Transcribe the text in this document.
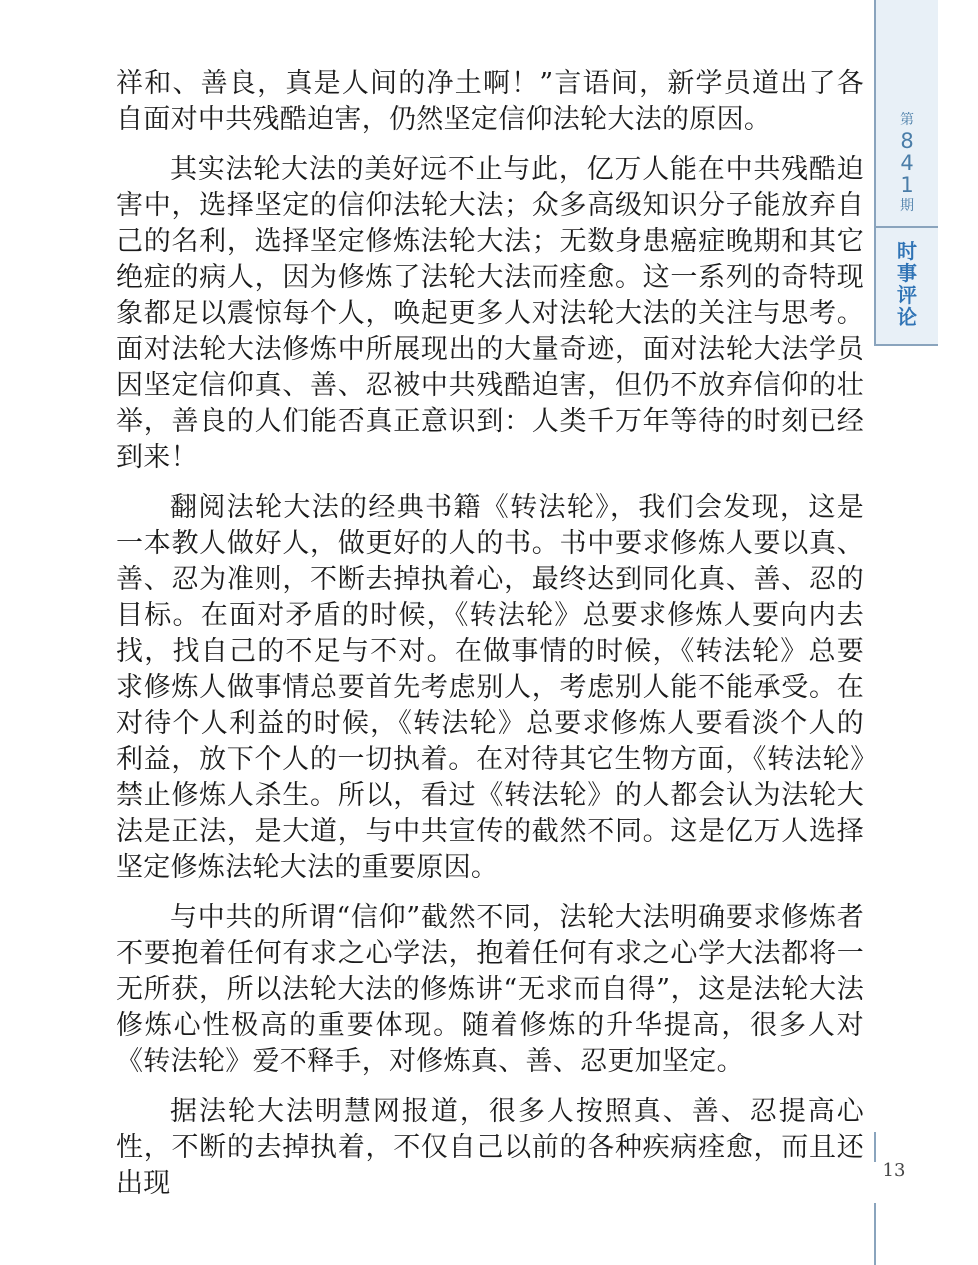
祥和、善良，真是人间的净土啊！”言语间，新学员道出了各自面对中共残酷迫害，仍然坚定信仰法轮大法的原因。

其实法轮大法的美好远不止与此，亿万人能在中共残酷迫害中，选择坚定的信仰法轮大法；众多高级知识分子能放弃自己的名利，选择坚定修炼法轮大法；无数身患癌症晚期和其它绝症的病人，因为修炼了法轮大法而痊愈。这一系列的奇特现象都足以震惊每个人，唤起更多人对法轮大法的关注与思考。面对法轮大法修炼中所展现出的大量奇迹，面对法轮大法学员因坚定信仰真、善、忍被中共残酷迫害，但仍不放弃信仰的壮举，善良的人们能否真正意识到：人类千万年等待的时刻已经到来！

翻阅法轮大法的经典书籍《转法轮》，我们会发现，这是一本教人做好人，做更好的人的书。书中要求修炼人要以真、善、忍为准则，不断去掉执着心，最终达到同化真、善、忍的目标。在面对矛盾的时候，《转法轮》总要求修炼人要向内去找，找自己的不足与不对。在做事情的时候，《转法轮》总要求修炼人做事情总要首先考虑别人，考虑别人能不能承受。在对待个人利益的时候，《转法轮》总要求修炼人要看淡个人的利益，放下个人的一切执着。在对待其它生物方面，《转法轮》禁止修炼人杀生。所以，看过《转法轮》的人都会认为法轮大法是正法，是大道，与中共宣传的截然不同。这是亿万人选择坚定修炼法轮大法的重要原因。

与中共的所谓“信仰”截然不同，法轮大法明确要求修炼者不要抱着任何有求之心学法，抱着任何有求之心学大法都将一无所获，所以法轮大法的修炼讲“无求而自得”，这是法轮大法修炼心性极高的重要体现。随着修炼的升华提高，很多人对《转法轮》爱不释手，对修炼真、善、忍更加坚定。

据法轮大法明慧网报道，很多人按照真、善、忍提高心性，不断的去掉执着，不仅自己以前的各种疾病痊愈，而且还出现

第
8
4
1
期
时
事
评
论
13
